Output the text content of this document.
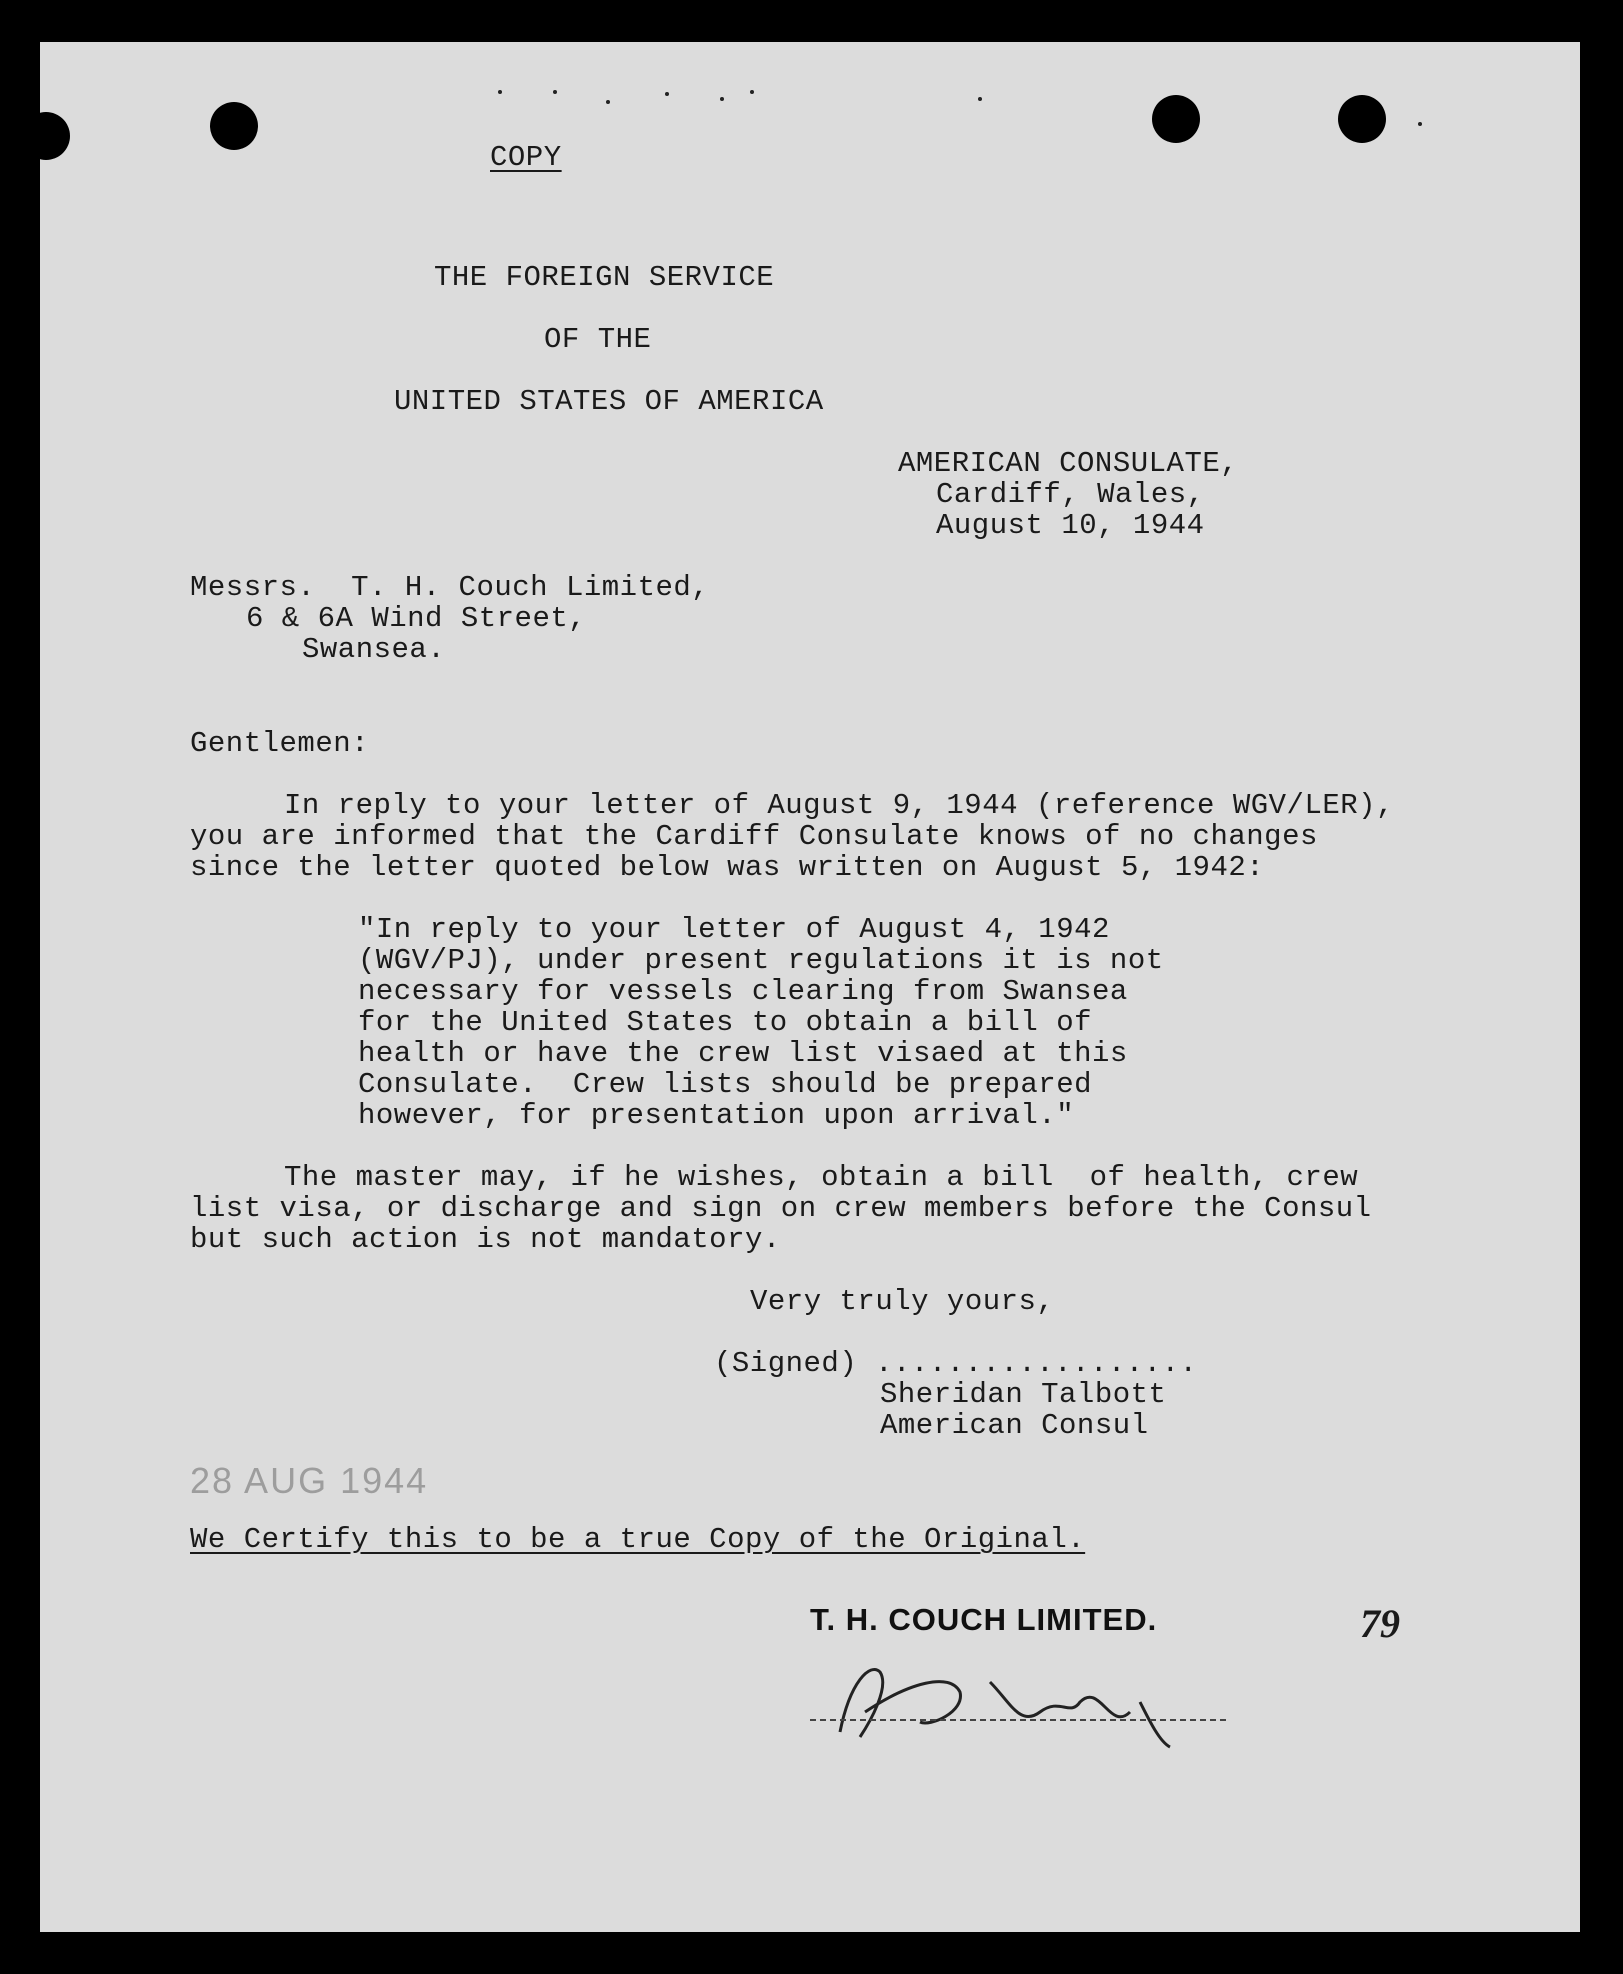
COPY
THE FOREIGN SERVICE
OF THE
UNITED STATES OF AMERICA
AMERICAN CONSULATE,
Cardiff, Wales,
August 10, 1944
Messrs.  T. H. Couch Limited,
6 & 6A Wind Street,
Swansea.
Gentlemen:
In reply to your letter of August 9, 1944 (reference WGV/LER),
you are informed that the Cardiff Consulate knows of no changes
since the letter quoted below was written on August 5, 1942:
"In reply to your letter of August 4, 1942
(WGV/PJ), under present regulations it is not
necessary for vessels clearing from Swansea
for the United States to obtain a bill of
health or have the crew list visaed at this
Consulate.  Crew lists should be prepared
however, for presentation upon arrival."
The master may, if he wishes, obtain a bill  of health, crew
list visa, or discharge and sign on crew members before the Consul
but such action is not mandatory.
Very truly yours,
(Signed) ..................
Sheridan Talbott
American Consul
28 AUG 1944
We Certify this to be a true Copy of the Original.
T. H. COUCH LIMITED.	79
